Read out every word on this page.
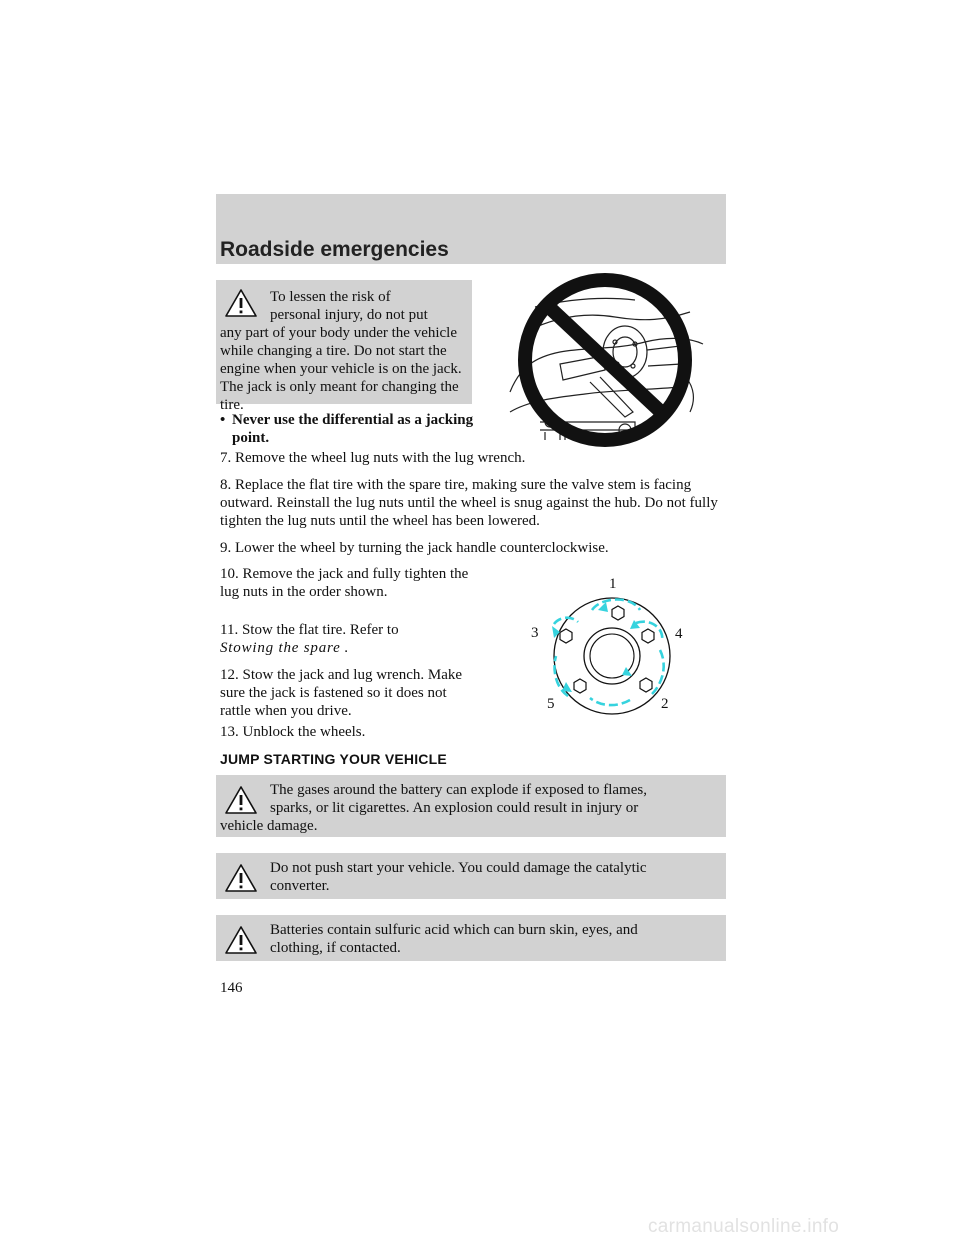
Roadside emergencies
To lessen the risk of
personal injury, do not put
any part of your body under the vehicle while changing a tire. Do not start the engine when your vehicle is on the jack. The jack is only meant for changing the tire.
• Never use the differential as a jacking point.
7. Remove the wheel lug nuts with the lug wrench.
8. Replace the flat tire with the spare tire, making sure the valve stem is facing outward. Reinstall the lug nuts until the wheel is snug against the hub. Do not fully tighten the lug nuts until the wheel has been lowered.
9. Lower the wheel by turning the jack handle counterclockwise.
10. Remove the jack and fully tighten the lug nuts in the order shown.
11. Stow the flat tire. Refer to
Stowing the spare .
12. Stow the jack and lug wrench. Make sure the jack is fastened so it does not rattle when you drive.
13. Unblock the wheels.
1
4
3
2
5
JUMP STARTING YOUR VEHICLE
The gases around the battery can explode if exposed to flames,
sparks, or lit cigarettes. An explosion could result in injury or
vehicle damage.
Do not push start your vehicle. You could damage the catalytic
converter.
Batteries contain sulfuric acid which can burn skin, eyes, and
clothing, if contacted.
146
carmanualsonline.info
